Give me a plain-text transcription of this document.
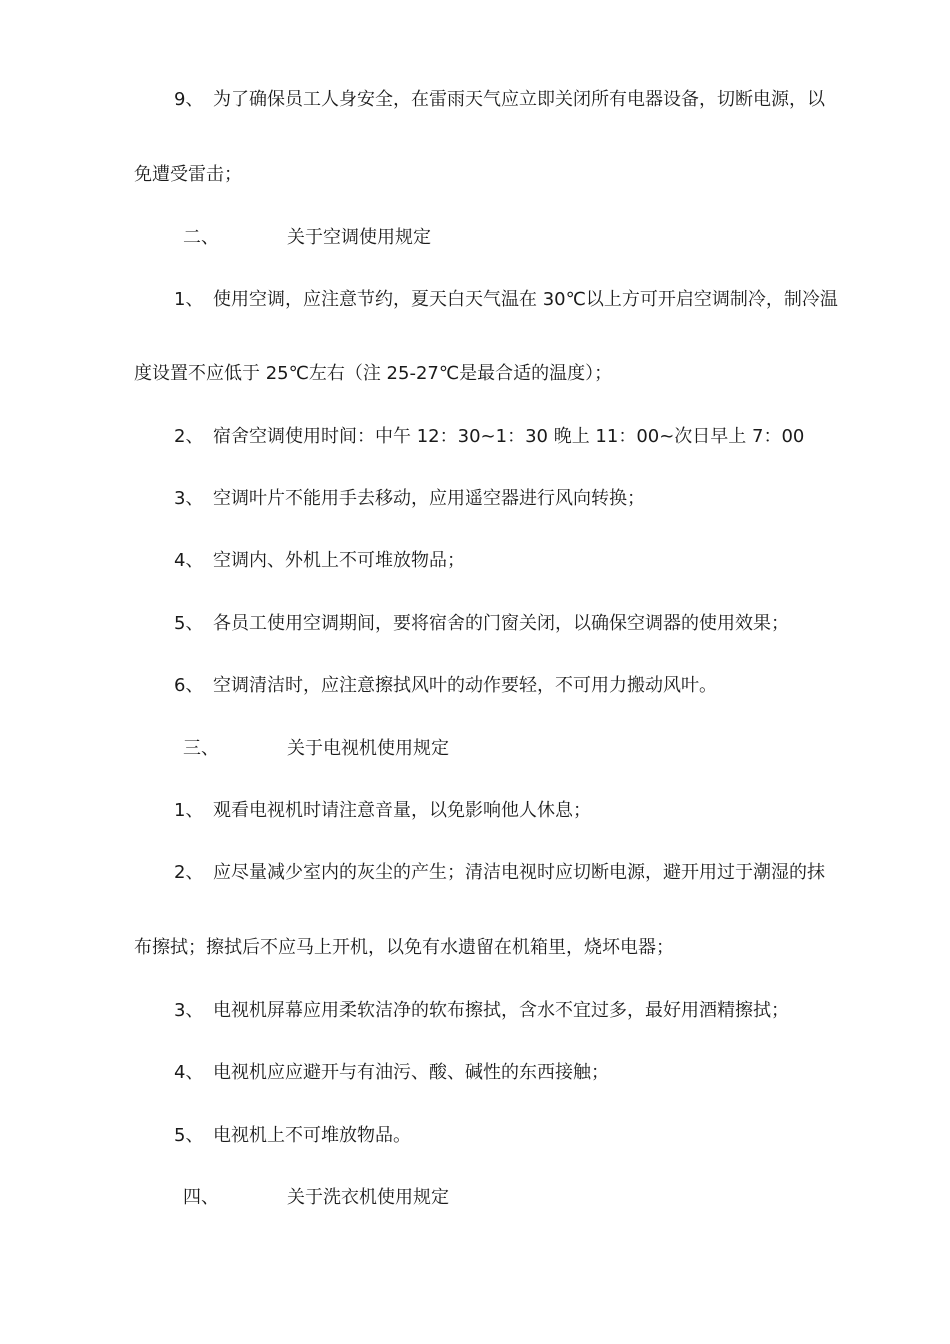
9、 为了确保员工人身安全，在雷雨天气应立即关闭所有电器设备，切断电源，以
免遭受雷击；
二、	关于空调使用规定
1、 使用空调，应注意节约，夏天白天气温在 30℃以上方可开启空调制冷，制冷温
度设置不应低于 25℃左右（注 25-27℃是最合适的温度）；
2、 宿舍空调使用时间：中午 12：30~1：30 晚上 11：00~次日早上 7：00
3、 空调叶片不能用手去移动，应用遥空器进行风向转换；
4、 空调内、外机上不可堆放物品；
5、 各员工使用空调期间，要将宿舍的门窗关闭，以确保空调器的使用效果；
6、 空调清洁时，应注意擦拭风叶的动作要轻，不可用力搬动风叶。
三、	关于电视机使用规定
1、 观看电视机时请注意音量，以免影响他人休息；
2、 应尽量减少室内的灰尘的产生；清洁电视时应切断电源，避开用过于潮湿的抹
布擦拭；擦拭后不应马上开机，以免有水遗留在机箱里，烧坏电器；
3、 电视机屏幕应用柔软洁净的软布擦拭，含水不宜过多，最好用酒精擦拭；
4、 电视机应应避开与有油污、酸、碱性的东西接触；
5、 电视机上不可堆放物品。
四、	关于洗衣机使用规定
